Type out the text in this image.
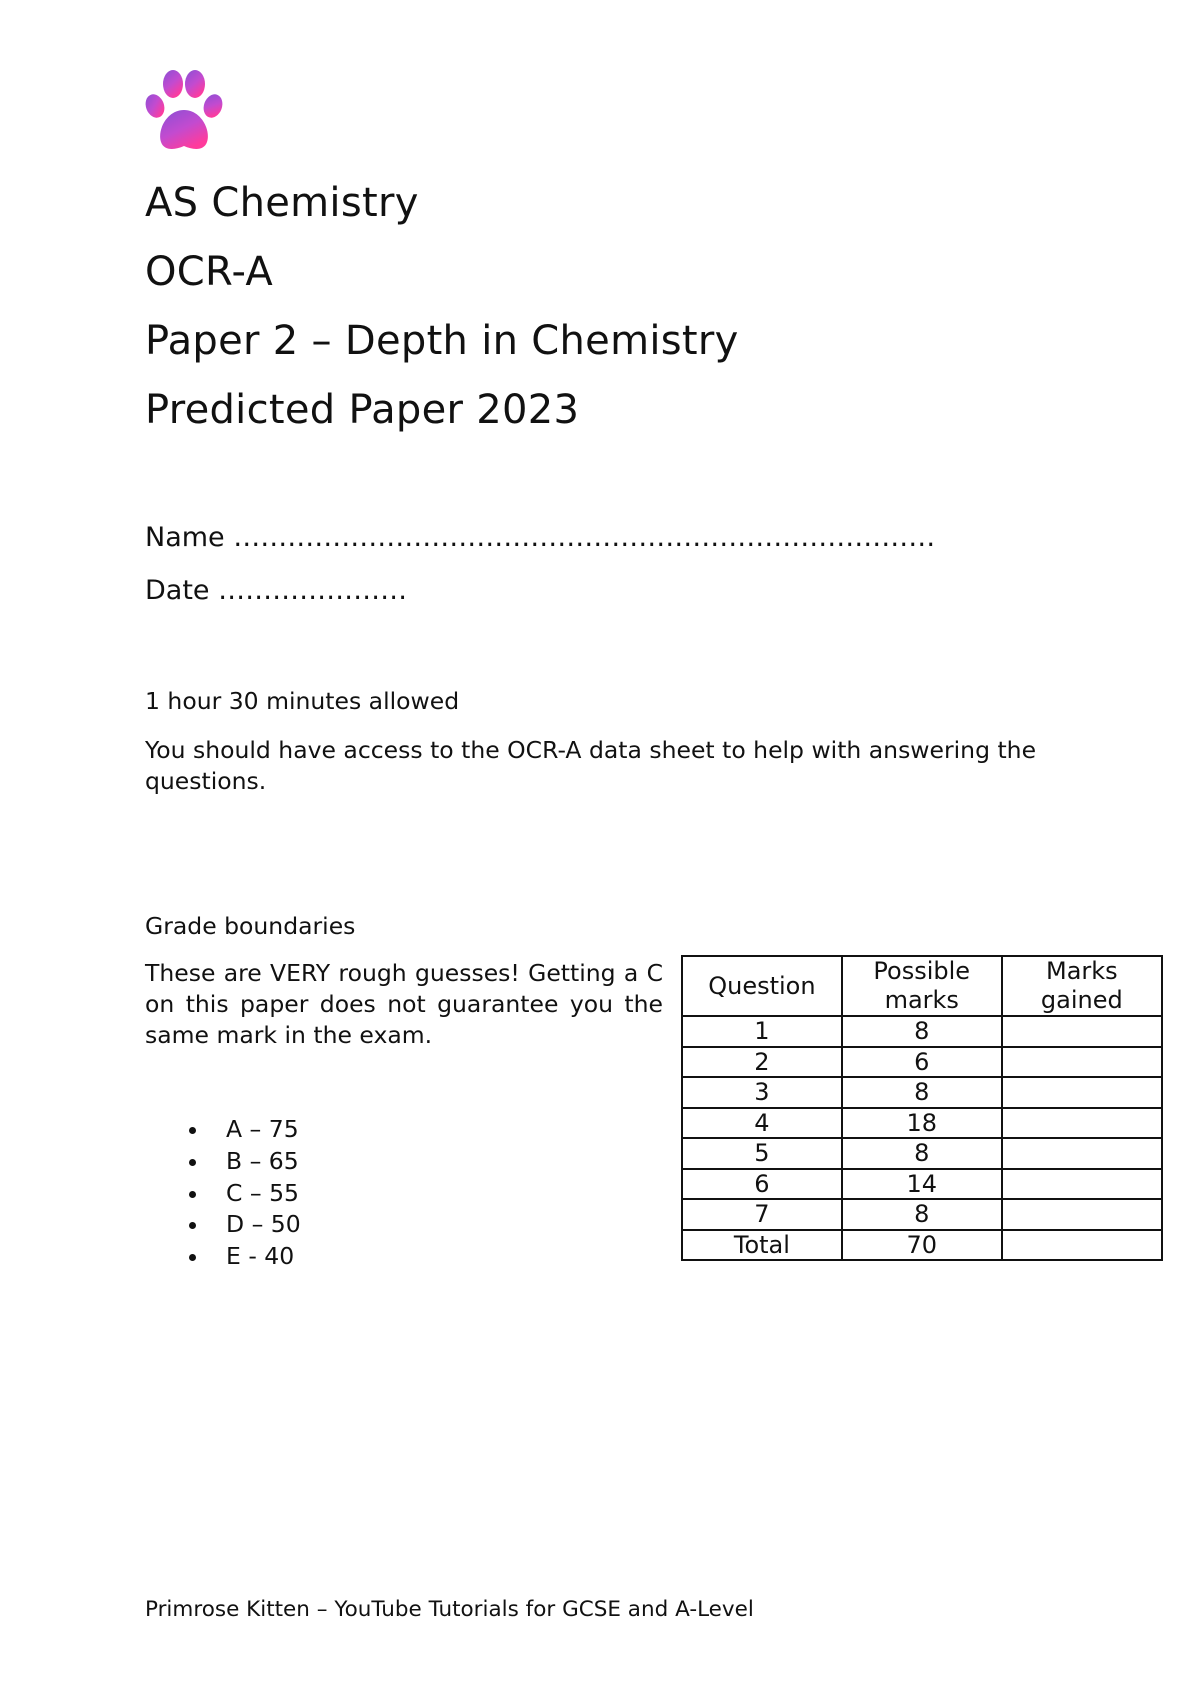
AS Chemistry
OCR-A
Paper 2 – Depth in Chemistry
Predicted Paper 2023
Name ……………………………………………………………………
Date …………………
1 hour 30 minutes allowed
You should have access to the OCR-A data sheet to help with answering the questions.
Grade boundaries
These are VERY rough guesses! Getting a C on this paper does not guarantee you the same mark in the exam.
A – 75
B – 65
C – 55
D – 50
E - 40
Question	Possible marks	Marks gained
1	8	
2	6	
3	8	
4	18	
5	8	
6	14	
7	8	
Total	70	
Primrose Kitten – YouTube Tutorials for GCSE and A-Level
